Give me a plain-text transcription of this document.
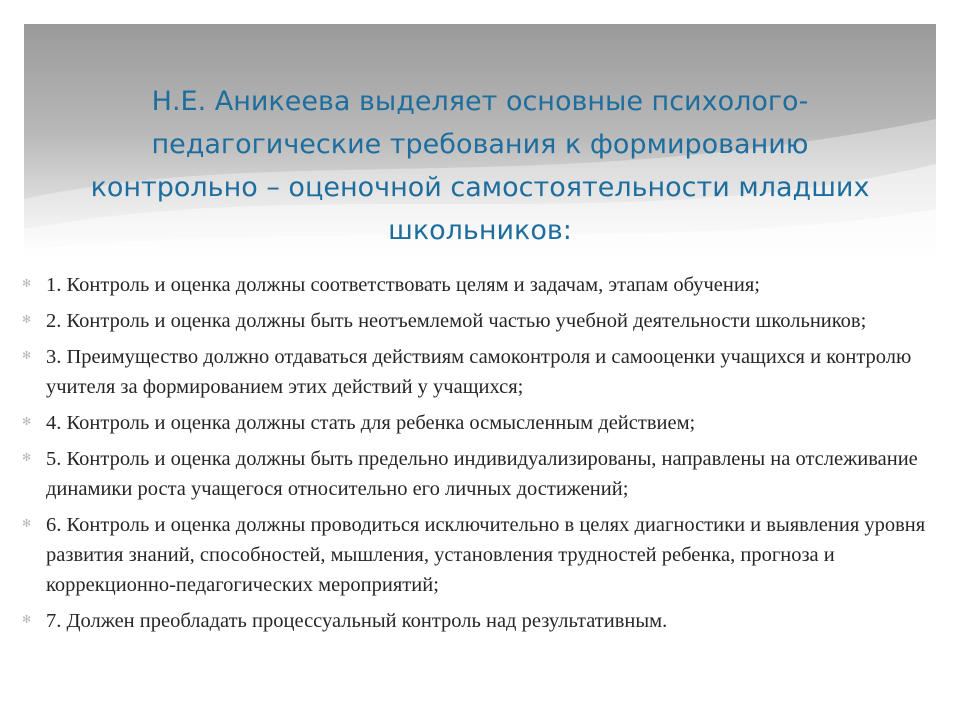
Н.Е. Аникеева выделяет основные психолого-педагогические требования к формированию контрольно – оценочной самостоятельности младших школьников:
✻ 1. Контроль и оценка должны соответствовать целям и задачам, этапам обучения;
✻ 2. Контроль и оценка должны быть неотъемлемой частью учебной деятельности школьников;
✻ 3. Преимущество должно отдаваться действиям самоконтроля и самооценки учащихся и контролю учителя за формированием этих действий у учащихся;
✻ 4. Контроль и оценка должны стать для ребенка осмысленным действием;
✻ 5. Контроль и оценка должны быть предельно индивидуализированы, направлены на отслеживание динамики роста учащегося относительно его личных достижений;
✻ 6. Контроль и оценка должны проводиться исключительно в целях диагностики и выявления уровня развития знаний, способностей, мышления, установления трудностей ребенка, прогноза и коррекционно-педагогических мероприятий;
✻ 7. Должен преобладать процессуальный контроль над результативным.
